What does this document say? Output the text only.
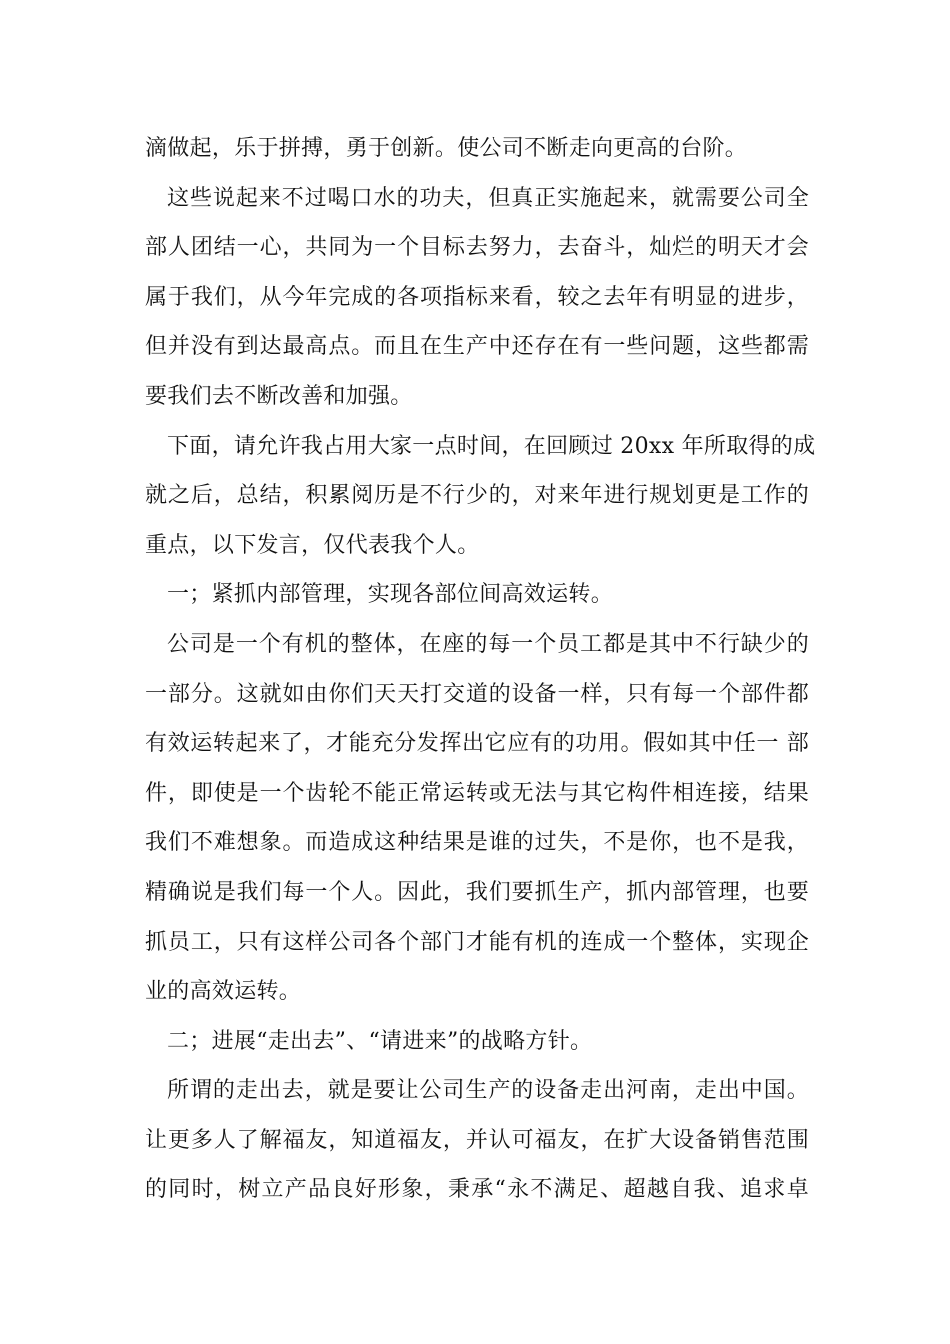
滴做起，乐于拼搏，勇于创新。使公司不断走向更高的台阶。

这些说起来不过喝口水的功夫，但真正实施起来，就需要公司全

部人团结一心，共同为一个目标去努力，去奋斗，灿烂的明天才会

属于我们，从今年完成的各项指标来看，较之去年有明显的进步，

但并没有到达最高点。而且在生产中还存在有一些问题，这些都需

要我们去不断改善和加强。

下面，请允许我占用大家一点时间，在回顾过 20xx 年所取得的成

就之后，总结，积累阅历是不行少的，对来年进行规划更是工作的

重点，以下发言，仅代表我个人。

一；紧抓内部管理，实现各部位间高效运转。

公司是一个有机的整体，在座的每一个员工都是其中不行缺少的

一部分。这就如由你们天天打交道的设备一样，只有每一个部件都

有效运转起来了，才能充分发挥出它应有的功用。假如其中任一 部

件，即使是一个齿轮不能正常运转或无法与其它构件相连接，结果

我们不难想象。而造成这种结果是谁的过失，不是你，也不是我，

精确说是我们每一个人。因此，我们要抓生产，抓内部管理，也要

抓员工，只有这样公司各个部门才能有机的连成一个整体，实现企

业的高效运转。

二；进展“走出去”、“请进来”的战略方针。

所谓的走出去，就是要让公司生产的设备走出河南，走出中国。

让更多人了解福友，知道福友，并认可福友，在扩大设备销售范围

的同时，树立产品良好形象，秉承“永不满足、超越自我、追求卓
